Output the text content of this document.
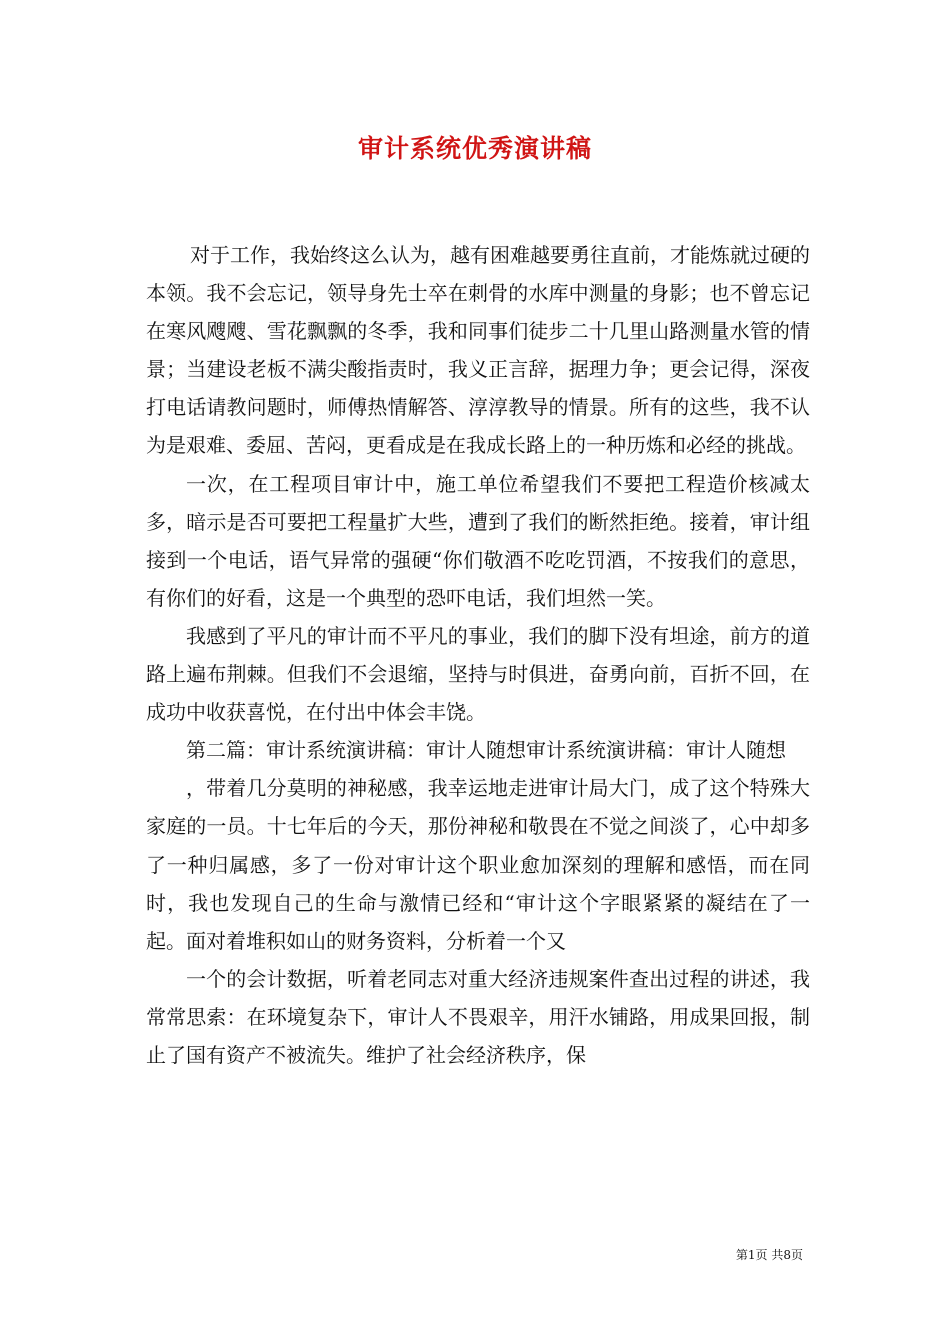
审计系统优秀演讲稿

对于工作，我始终这么认为，越有困难越要勇往直前，才能炼就过硬的本领。我不会忘记，领导身先士卒在刺骨的水库中测量的身影；也不曾忘记在寒风飕飕、雪花飘飘的冬季，我和同事们徒步二十几里山路测量水管的情景；当建设老板不满尖酸指责时，我义正言辞，据理力争；更会记得，深夜打电话请教问题时，师傅热情解答、淳淳教导的情景。所有的这些，我不认为是艰难、委屈、苦闷，更看成是在我成长路上的一种历炼和必经的挑战。

一次，在工程项目审计中，施工单位希望我们不要把工程造价核减太多，暗示是否可要把工程量扩大些，遭到了我们的断然拒绝。接着，审计组接到一个电话，语气异常的强硬“你们敬酒不吃吃罚酒，不按我们的意思，有你们的好看，这是一个典型的恐吓电话，我们坦然一笑。

我感到了平凡的审计而不平凡的事业，我们的脚下没有坦途，前方的道路上遍布荆棘。但我们不会退缩，坚持与时俱进，奋勇向前，百折不回，在成功中收获喜悦，在付出中体会丰饶。

第二篇：审计系统演讲稿：审计人随想审计系统演讲稿：审计人随想

，带着几分莫明的神秘感，我幸运地走进审计局大门，成了这个特殊大家庭的一员。十七年后的今天，那份神秘和敬畏在不觉之间淡了，心中却多了一种归属感，多了一份对审计这个职业愈加深刻的理解和感悟，而在同时，我也发现自己的生命与激情已经和“审计这个字眼紧紧的凝结在了一起。面对着堆积如山的财务资料，分析着一个又

一个的会计数据，听着老同志对重大经济违规案件查出过程的讲述，我常常思索：在环境复杂下，审计人不畏艰辛，用汗水铺路，用成果回报，制止了国有资产不被流失。维护了社会经济秩序，保

第1页 共8页
